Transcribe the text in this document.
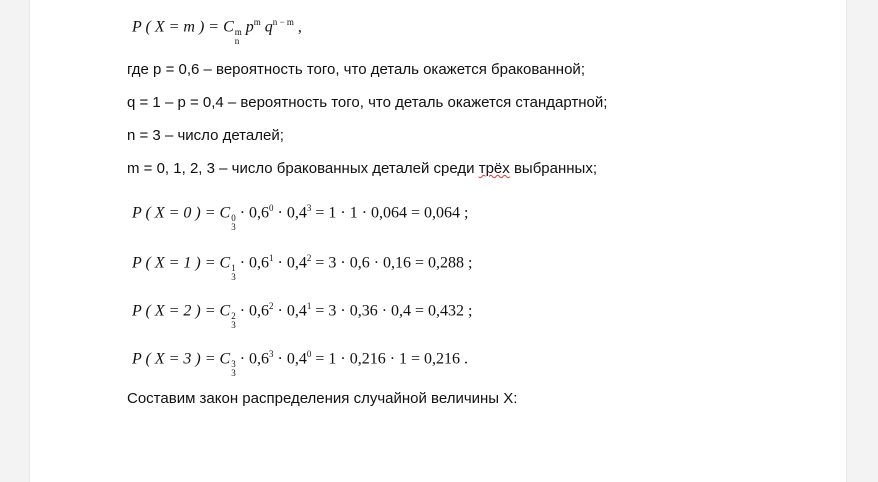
P ( X = m ) = C m
n
$p^m$ $q^{n - m}$ ,
где p = 0,6 – вероятность того, что деталь окажется бракованной;
q = 1 – p = 0,4 – вероятность того, что деталь окажется стандартной;
n = 3 – число деталей;
m = 0, 1, 2, 3 – число бракованных деталей среди трёх выбранных;
P ( X = 0 ) = C 0
3
· $0,6^0 \cdot 0,4^3 = 1 \cdot 1 \cdot 0,064 = 0,064$ ;
P ( X = 1 ) = C 1
3
· $0,6^1 \cdot 0,4^2 = 3 \cdot 0,6 \cdot 0,16 = 0,288$ ;
P ( X = 2 ) = C 2
3
· $0,6^2 \cdot 0,4^1 = 3 \cdot 0,36 \cdot 0,4 = 0,432$ ;
P ( X = 3 ) = C 3
3
· $0,6^3 \cdot 0,4^0 = 1 \cdot 0,216 \cdot 1 = 0,216$ .
Составим закон распределения случайной величины X:
